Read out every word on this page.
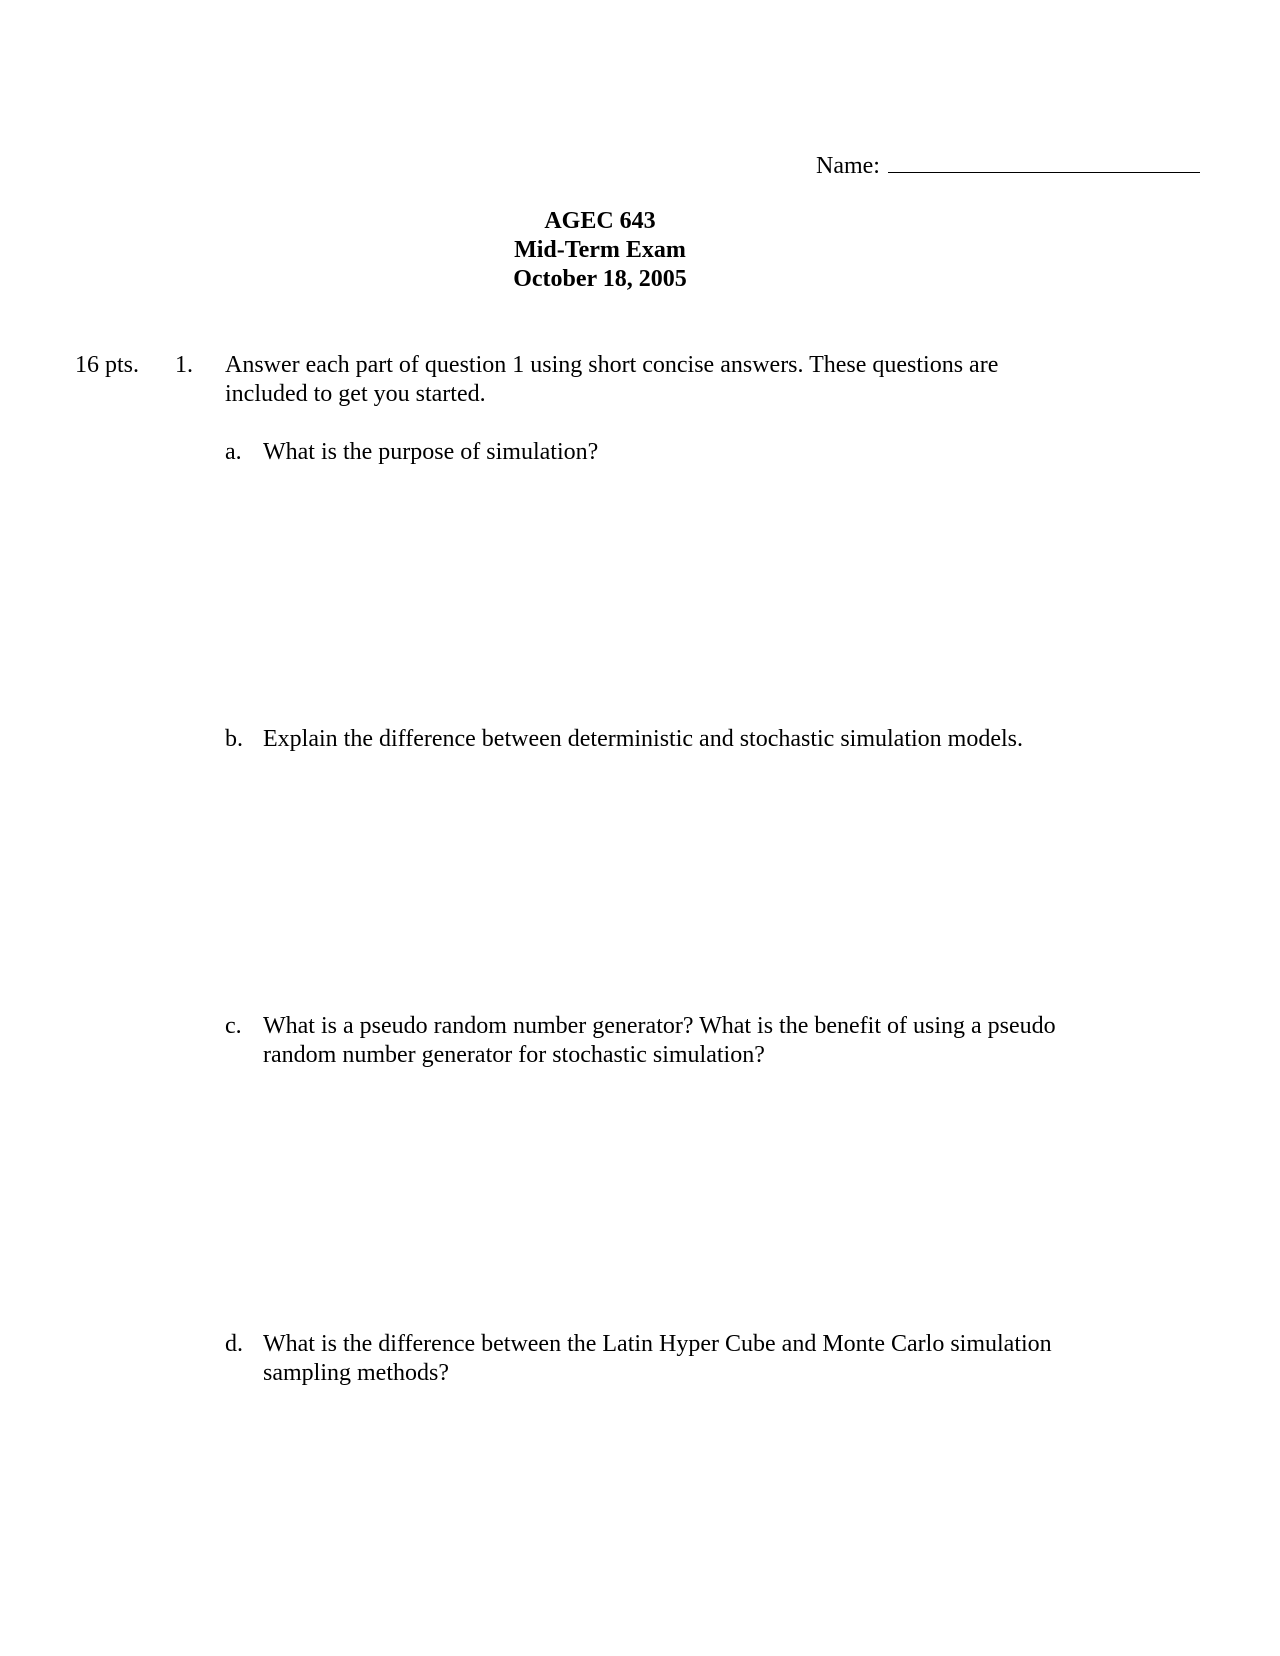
Name:
AGEC 643
Mid-Term Exam
October 18, 2005
16 pts. 1. Answer each part of question 1 using short concise answers. These questions are included to get you started.
a. What is the purpose of simulation?
b. Explain the difference between deterministic and stochastic simulation models.
c. What is a pseudo random number generator? What is the benefit of using a pseudo random number generator for stochastic simulation?
d. What is the difference between the Latin Hyper Cube and Monte Carlo simulation sampling methods?
